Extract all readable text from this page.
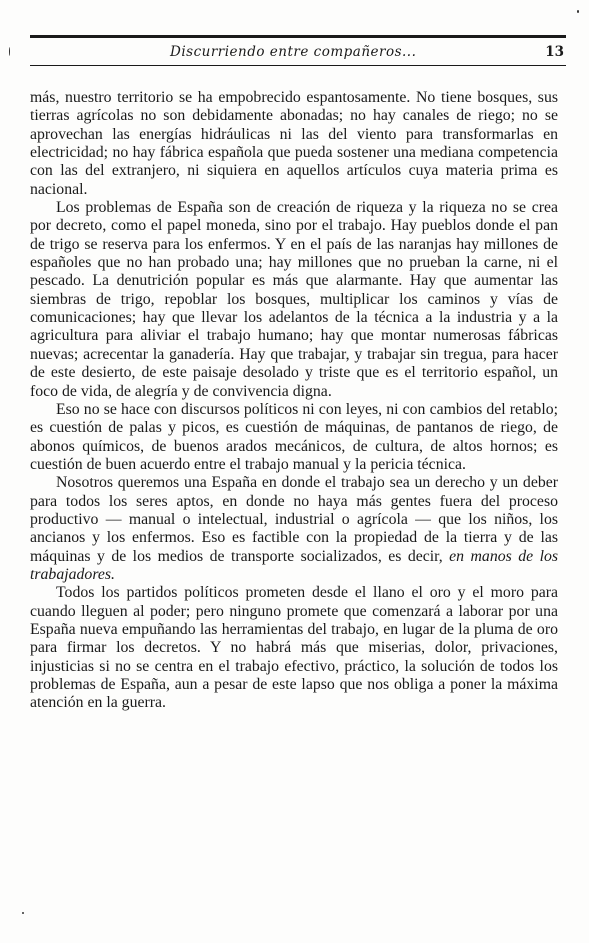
Discurriendo entre compañeros...	13

más, nuestro territorio se ha empobrecido espantosamente. No tiene bosques, sus tierras agrícolas no son debidamente abonadas; no hay canales de riego; no se aprovechan las energías hidráulicas ni las del viento para transformarlas en electricidad; no hay fábrica española que pueda sostener una mediana competencia con las del extranjero, ni siquiera en aquellos artículos cuya materia prima es nacional.

Los problemas de España son de creación de riqueza y la riqueza no se crea por decreto, como el papel moneda, sino por el trabajo. Hay pueblos donde el pan de trigo se reserva para los enfermos. Y en el país de las naranjas hay millones de españoles que no han probado una; hay millones que no prueban la carne, ni el pescado. La denutrición popular es más que alarmante. Hay que aumentar las siembras de trigo, repoblar los bosques, multiplicar los caminos y vías de comunicaciones; hay que llevar los adelantos de la técnica a la industria y a la agricultura para aliviar el trabajo humano; hay que montar numerosas fábricas nuevas; acrecentar la ganadería. Hay que trabajar, y trabajar sin tregua, para hacer de este desierto, de este paisaje desolado y triste que es el territorio español, un foco de vida, de alegría y de convivencia digna.

Eso no se hace con discursos políticos ni con leyes, ni con cambios del retablo; es cuestión de palas y picos, es cuestión de máquinas, de pantanos de riego, de abonos químicos, de buenos arados mecánicos, de cultura, de altos hornos; es cuestión de buen acuerdo entre el trabajo manual y la pericia técnica.

Nosotros queremos una España en donde el trabajo sea un derecho y un deber para todos los seres aptos, en donde no haya más gentes fuera del proceso productivo — manual o intelectual, industrial o agrícola — que los niños, los ancianos y los enfermos. Eso es factible con la propiedad de la tierra y de las máquinas y de los medios de transporte socializados, es decir, en manos de los trabajadores.

Todos los partidos políticos prometen desde el llano el oro y el moro para cuando lleguen al poder; pero ninguno promete que comenzará a laborar por una España nueva empuñando las herramientas del trabajo, en lugar de la pluma de oro para firmar los decretos. Y no habrá más que miserias, dolor, privaciones, injusticias si no se centra en el trabajo efectivo, práctico, la solución de todos los problemas de España, aun a pesar de este lapso que nos obliga a poner la máxima atención en la guerra.
